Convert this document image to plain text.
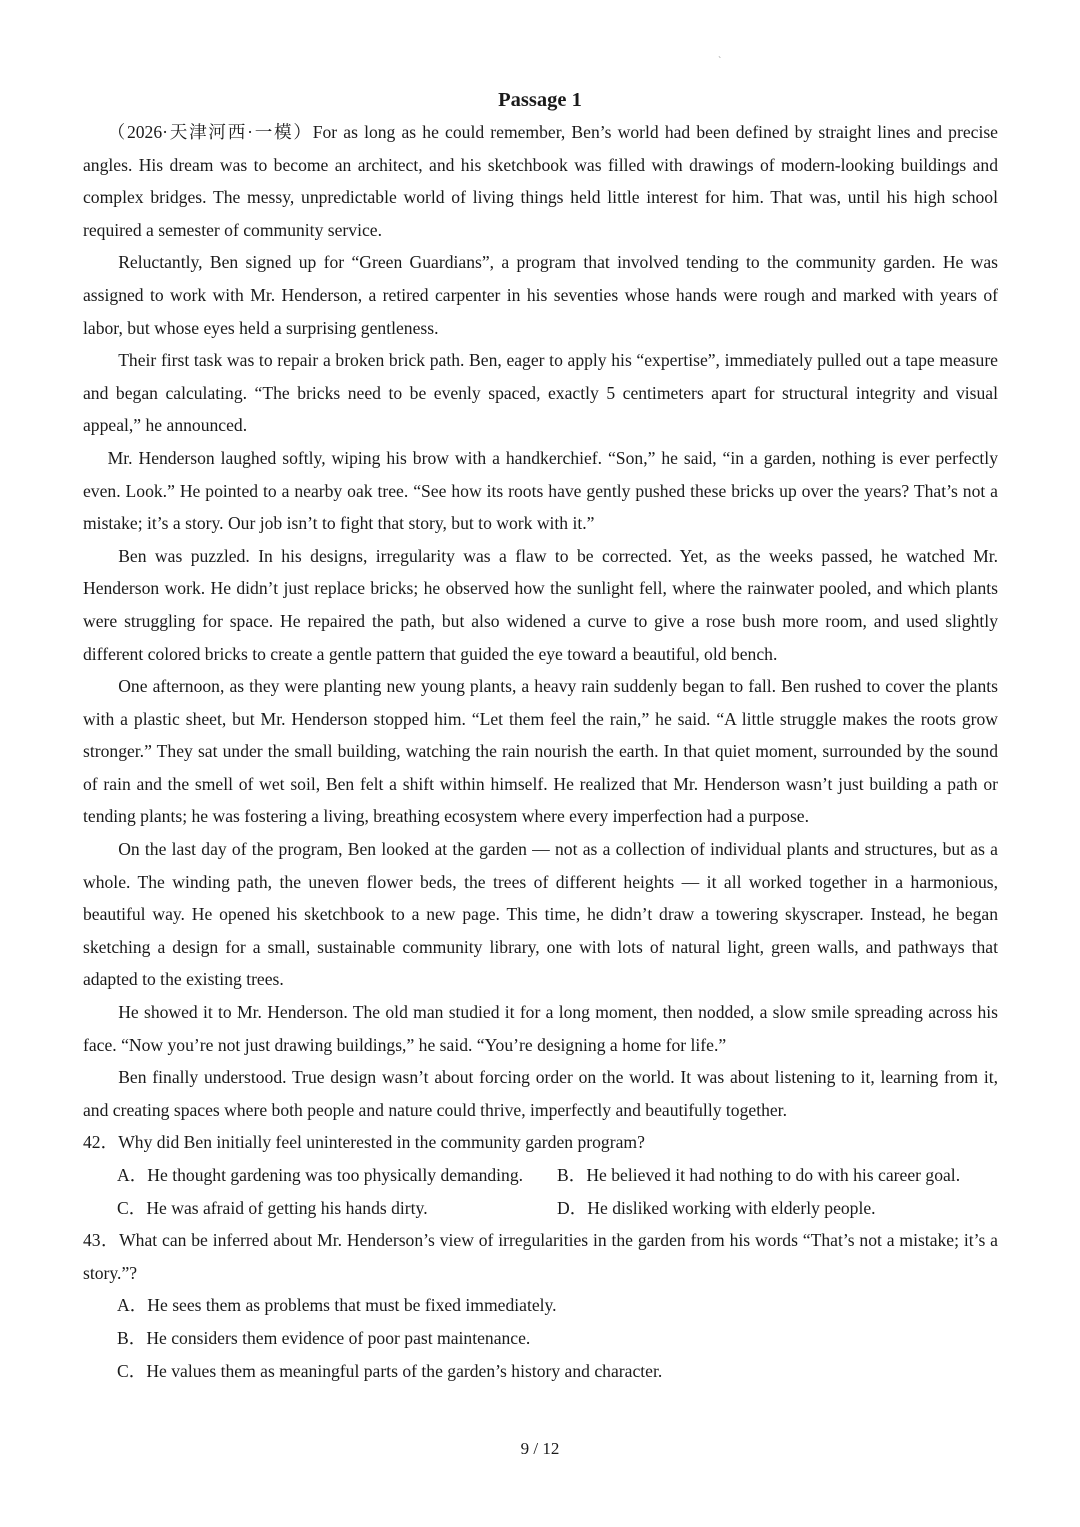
`
Passage 1

（2026·天津河西·一模）For as long as he could remember, Ben’s world had been defined by straight lines and precise angles. His dream was to become an architect, and his sketchbook was filled with drawings of modern-looking buildings and complex bridges. The messy, unpredictable world of living things held little interest for him. That was, until his high school required a semester of community service.

Reluctantly, Ben signed up for “Green Guardians”, a program that involved tending to the community garden. He was assigned to work with Mr. Henderson, a retired carpenter in his seventies whose hands were rough and marked with years of labor, but whose eyes held a surprising gentleness.

Their first task was to repair a broken brick path. Ben, eager to apply his “expertise”, immediately pulled out a tape measure and began calculating. “The bricks need to be evenly spaced, exactly 5 centimeters apart for structural integrity and visual appeal,” he announced.

Mr. Henderson laughed softly, wiping his brow with a handkerchief. “Son,” he said, “in a garden, nothing is ever perfectly even. Look.” He pointed to a nearby oak tree. “See how its roots have gently pushed these bricks up over the years? That’s not a mistake; it’s a story. Our job isn’t to fight that story, but to work with it.”

Ben was puzzled. In his designs, irregularity was a flaw to be corrected. Yet, as the weeks passed, he watched Mr. Henderson work. He didn’t just replace bricks; he observed how the sunlight fell, where the rainwater pooled, and which plants were struggling for space. He repaired the path, but also widened a curve to give a rose bush more room, and used slightly different colored bricks to create a gentle pattern that guided the eye toward a beautiful, old bench.

One afternoon, as they were planting new young plants, a heavy rain suddenly began to fall. Ben rushed to cover the plants with a plastic sheet, but Mr. Henderson stopped him. “Let them feel the rain,” he said. “A little struggle makes the roots grow stronger.” They sat under the small building, watching the rain nourish the earth. In that quiet moment, surrounded by the sound of rain and the smell of wet soil, Ben felt a shift within himself. He realized that Mr. Henderson wasn’t just building a path or tending plants; he was fostering a living, breathing ecosystem where every imperfection had a purpose.

On the last day of the program, Ben looked at the garden — not as a collection of individual plants and structures, but as a whole. The winding path, the uneven flower beds, the trees of different heights — it all worked together in a harmonious, beautiful way. He opened his sketchbook to a new page. This time, he didn’t draw a towering skyscraper. Instead, he began sketching a design for a small, sustainable community library, one with lots of natural light, green walls, and pathways that adapted to the existing trees.

He showed it to Mr. Henderson. The old man studied it for a long moment, then nodded, a slow smile spreading across his face. “Now you’re not just drawing buildings,” he said. “You’re designing a home for life.”

Ben finally understood. True design wasn’t about forcing order on the world. It was about listening to it, learning from it, and creating spaces where both people and nature could thrive, imperfectly and beautifully together.

42．Why did Ben initially feel uninterested in the community garden program?

A．He thought gardening was too physically demanding.	B．He believed it had nothing to do with his career goal.
C．He was afraid of getting his hands dirty.	D．He disliked working with elderly people.

43．What can be inferred about Mr. Henderson’s view of irregularities in the garden from his words “That’s not a mistake; it’s a story.”?

A．He sees them as problems that must be fixed immediately.

B．He considers them evidence of poor past maintenance.

C．He values them as meaningful parts of the garden’s history and character.

9 / 12
